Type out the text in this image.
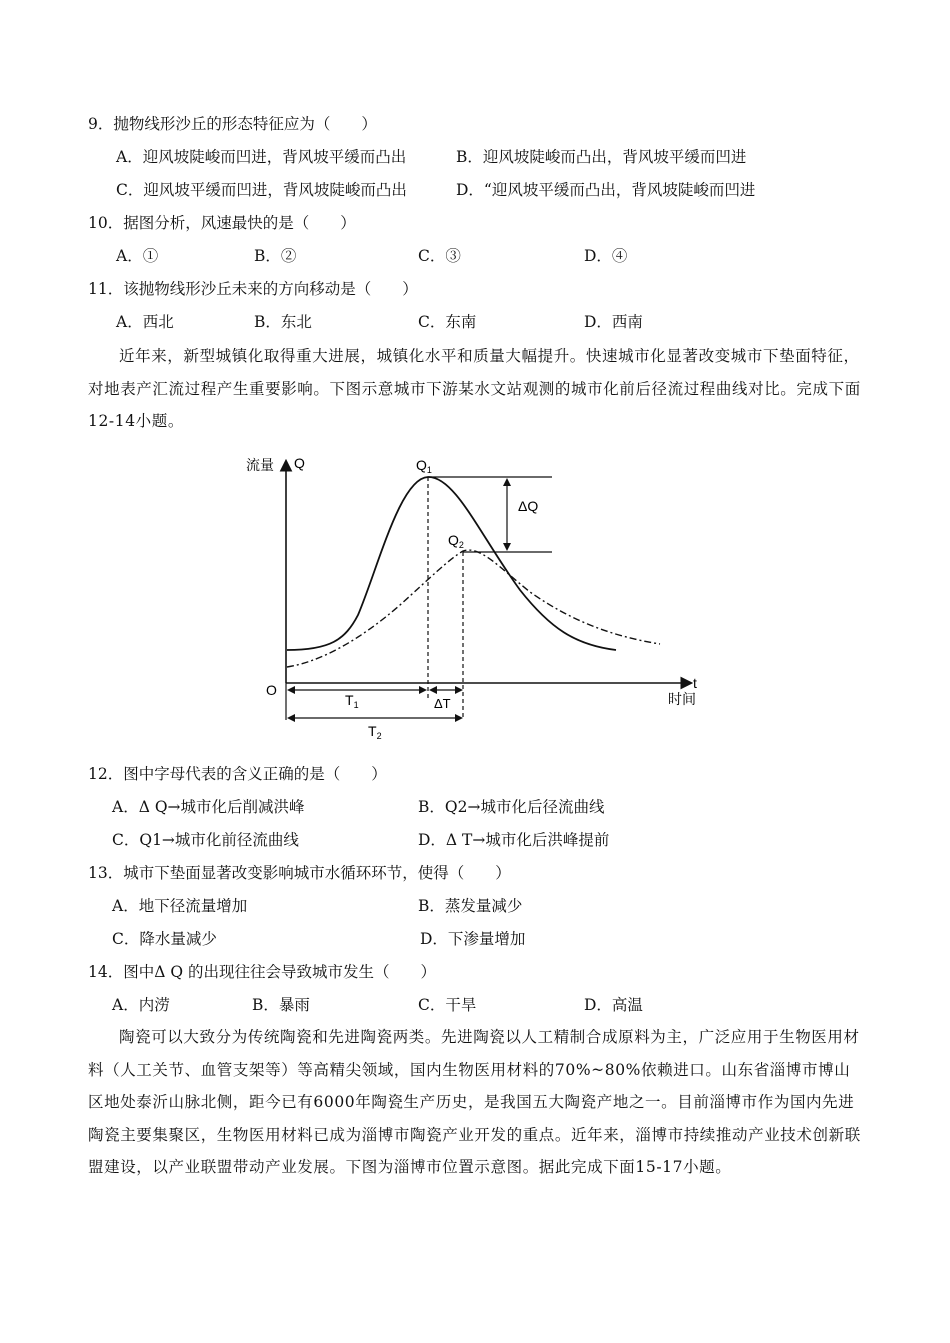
9．抛物线形沙丘的形态特征应为（　　）
A．迎风坡陡峻而凹进，背风坡平缓而凸出	B．迎风坡陡峻而凸出，背风坡平缓而凹进
C．迎风坡平缓而凹进，背风坡陡峻而凸出	D．“迎风坡平缓而凸出，背风坡陡峻而凹进
10．据图分析，风速最快的是（　　）
A．①	B．②	C．③	D．④
11．该抛物线形沙丘未来的方向移动是（　　）
A．西北	B．东北	C．东南	D．西南
近年来，新型城镇化取得重大进展，城镇化水平和质量大幅提升。快速城市化显著改变城市下垫面特征，对地表产汇流过程产生重要影响。下图示意城市下游某水文站观测的城市化前后径流过程曲线对比。完成下面12-14小题。
流量 Q
O	t
时间
$Q_1$
$Q_2$
ΔQ
$T_1$	ΔT
$T_2$
12．图中字母代表的含义正确的是（　　）
A．Δ Q→城市化后削减洪峰	B．Q2→城市化后径流曲线
C．Q1→城市化前径流曲线	D．Δ T→城市化后洪峰提前
13．城市下垫面显著改变影响城市水循环环节，使得（　　）
A．地下径流量增加	B．蒸发量减少
C．降水量减少	D．下渗量增加
14．图中Δ Q 的出现往往会导致城市发生（　　）
A．内涝	B．暴雨	C．干旱	D．高温
陶瓷可以大致分为传统陶瓷和先进陶瓷两类。先进陶瓷以人工精制合成原料为主，广泛应用于生物医用材料（人工关节、血管支架等）等高精尖领域，国内生物医用材料的70%~80%依赖进口。山东省淄博市博山区地处泰沂山脉北侧，距今已有6000年陶瓷生产历史，是我国五大陶瓷产地之一。目前淄博市作为国内先进陶瓷主要集聚区，生物医用材料已成为淄博市陶瓷产业开发的重点。近年来，淄博市持续推动产业技术创新联盟建设，以产业联盟带动产业发展。下图为淄博市位置示意图。据此完成下面15-17小题。
